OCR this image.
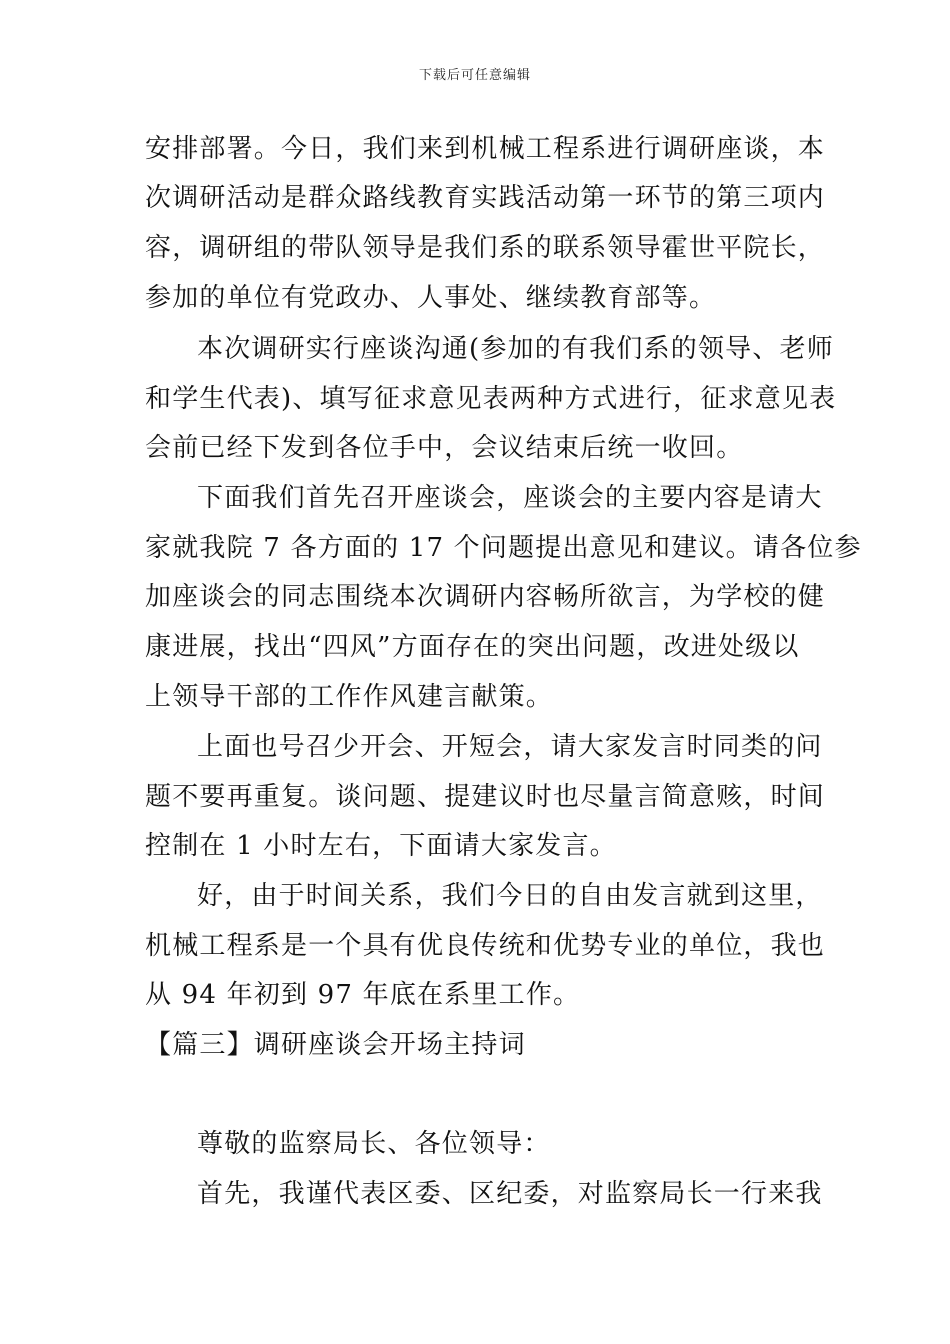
下载后可任意编辑
安排部署。今日，我们来到机械工程系进行调研座谈，本
次调研活动是群众路线教育实践活动第一环节的第三项内
容，调研组的带队领导是我们系的联系领导霍世平院长，
参加的单位有党政办、人事处、继续教育部等。
本次调研实行座谈沟通(参加的有我们系的领导、老师
和学生代表)、填写征求意见表两种方式进行，征求意见表
会前已经下发到各位手中，会议结束后统一收回。
下面我们首先召开座谈会，座谈会的主要内容是请大
家就我院 7 各方面的 17 个问题提出意见和建议。请各位参
加座谈会的同志围绕本次调研内容畅所欲言，为学校的健
康进展，找出“四风”方面存在的突出问题，改进处级以
上领导干部的工作作风建言献策。
上面也号召少开会、开短会，请大家发言时同类的问
题不要再重复。谈问题、提建议时也尽量言简意赅，时间
控制在 1 小时左右，下面请大家发言。
好，由于时间关系，我们今日的自由发言就到这里，
机械工程系是一个具有优良传统和优势专业的单位，我也
从 94 年初到 97 年底在系里工作。
【篇三】调研座谈会开场主持词
尊敬的监察局长、各位领导：
首先，我谨代表区委、区纪委，对监察局长一行来我
